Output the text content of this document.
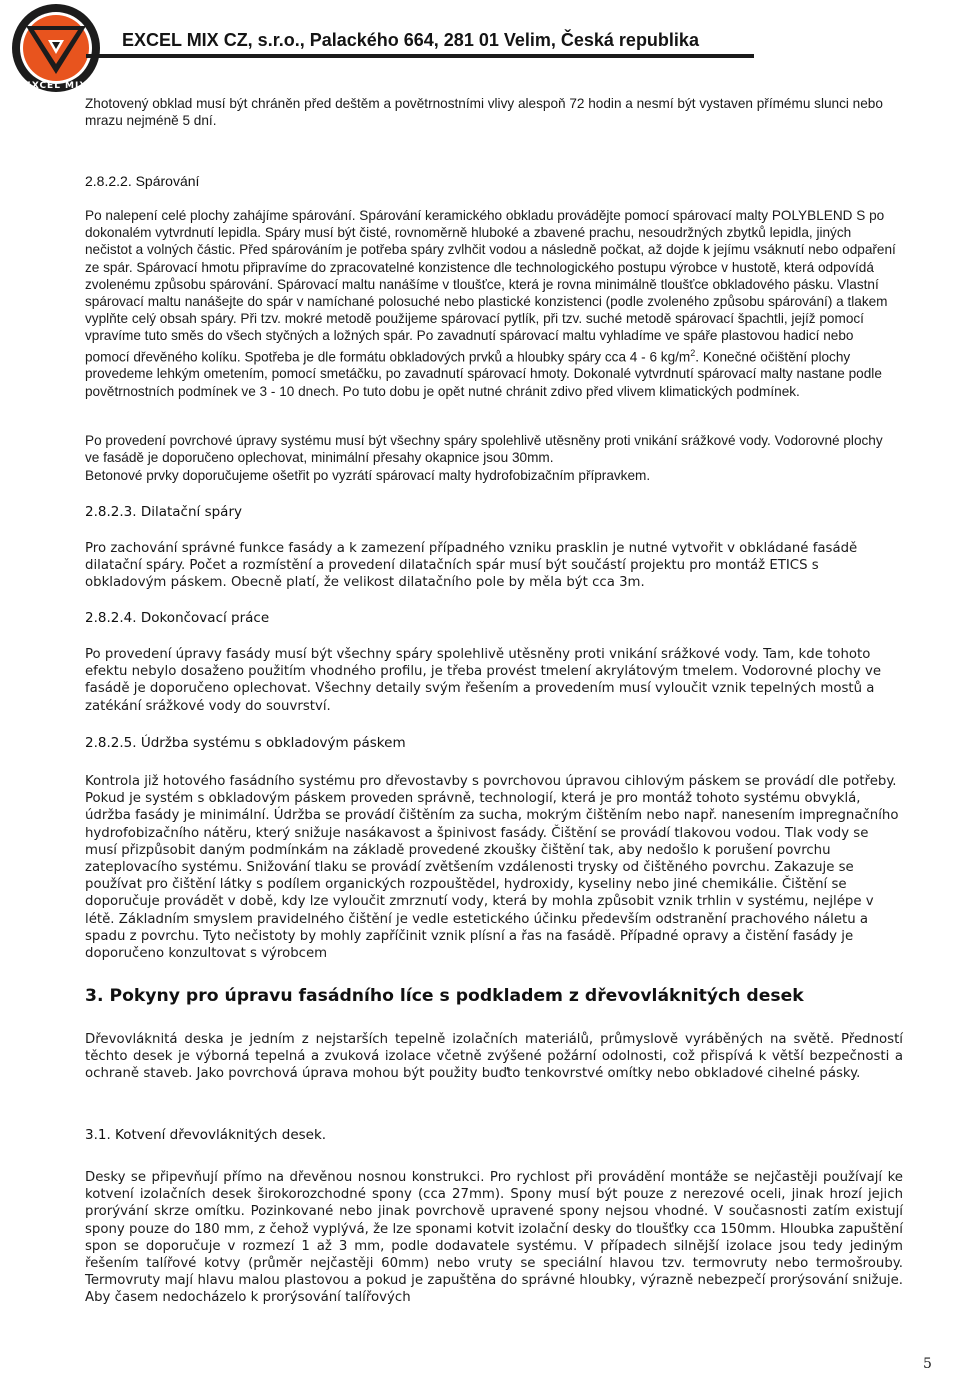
EXCEL MIX
EXCEL MIX CZ, s.r.o., Palackého 664, 281 01 Velim, Česká republika

Zhotovený obklad musí být chráněn před deštěm a povětrnostními vlivy alespoň 72 hodin a nesmí být vystaven přímému slunci nebo mrazu nejméně 5 dní.

2.8.2.2. Spárování

Po nalepení celé plochy zahájíme spárování. Spárování keramického obkladu provádějte pomocí spárovací malty POLYBLEND S po dokonalém vytvrdnutí lepidla. Spáry musí být čisté, rovnoměrně hluboké a zbavené prachu, nesoudržných zbytků lepidla, jiných nečistot a volných částic. Před spárováním je potřeba spáry zvlhčit vodou a následně počkat, až dojde k jejímu vsáknutí nebo odpaření ze spár. Spárovací hmotu připravíme do zpracovatelné konzistence dle technologického postupu výrobce v hustotě, která odpovídá zvolenému způsobu spárování. Spárovací maltu nanášíme v tloušťce, která je rovna minimálně tloušťce obkladového pásku. Vlastní spárovací maltu nanášejte do spár v namíchané polosuché nebo plastické konzistenci (podle zvoleného způsobu spárování) a tlakem vyplňte celý obsah spáry. Při tzv. mokré metodě použijeme spárovací pytlík, při tzv. suché metodě spárovací špachtli, jejíž pomocí vpravíme tuto směs do všech styčných a ložných spár. Po zavadnutí spárovací maltu vyhladíme ve spáře plastovou hadicí nebo pomocí dřevěného kolíku. Spotřeba je dle formátu obkladových prvků a hloubky spáry cca 4 - 6 $kg/m^2$. Konečné očištění plochy provedeme lehkým ometením, pomocí smetáčku, po zavadnutí spárovací hmoty. Dokonalé vytvrdnutí spárovací malty nastane podle povětrnostních podmínek ve 3 - 10 dnech. Po tuto dobu je opět nutné chránit zdivo před vlivem klimatických podmínek.

Po provedení povrchové úpravy systému musí být všechny spáry spolehlivě utěsněny proti vnikání srážkové vody. Vodorovné plochy ve fasádě je doporučeno oplechovat, minimální přesahy okapnice jsou 30mm.

Betonové prvky doporučujeme ošetřit po vyzrátí spárovací malty hydrofobizačním přípravkem.

2.8.2.3. Dilatační spáry

Pro zachování správné funkce fasády a k zamezení případného vzniku prasklin je nutné vytvořit v obkládané fasádě dilatační spáry. Počet a rozmístění a provedení dilatačních spár musí být součástí projektu pro montáž ETICS s obkladovým páskem. Obecně platí, že velikost dilatačního pole by měla být cca 3m.

2.8.2.4. Dokončovací práce

Po provedení úpravy fasády musí být všechny spáry spolehlivě utěsněny proti vnikání srážkové vody. Tam, kde tohoto efektu nebylo dosaženo použitím vhodného profilu, je třeba provést tmelení akrylátovým tmelem. Vodorovné plochy ve fasádě je doporučeno oplechovat. Všechny detaily svým řešením a provedením musí vyloučit vznik tepelných mostů a zatékání srážkové vody do souvrství.

2.8.2.5. Údržba systému s obkladovým páskem

Kontrola již hotového fasádního systému pro dřevostavby s povrchovou úpravou cihlovým páskem se provádí dle potřeby. Pokud je systém s obkladovým páskem proveden správně, technologií, která je pro montáž tohoto systému obvyklá, údržba fasády je minimální. Údržba se provádí čištěním za sucha, mokrým čištěním nebo např. nanesením impregnačního hydrofobizačního nátěru, který snižuje nasákavost a špinivost fasády. Čištění se provádí tlakovou vodou. Tlak vody se musí přizpůsobit daným podmínkám na základě provedené zkoušky čištění tak, aby nedošlo k porušení povrchu zateplovacího systému. Snižování tlaku se provádí zvětšením vzdálenosti trysky od čištěného povrchu. Zakazuje se používat pro čištění látky s podílem organických rozpouštědel, hydroxidy, kyseliny nebo jiné chemikálie. Čištění se doporučuje provádět v době, kdy lze vyloučit zmrznutí vody, která by mohla způsobit vznik trhlin v systému, nejlépe v létě. Základním smyslem pravidelného čištění je vedle estetického účinku především odstranění prachového náletu a spadu z povrchu. Tyto nečistoty by mohly zapříčinit vznik plísní a řas na fasádě. Případné opravy a čistění fasády je doporučeno konzultovat s výrobcem

3. Pokyny pro úpravu fasádního líce s podkladem z dřevovláknitých desek

Dřevovláknitá deska je jedním z nejstarších tepelně izolačních materiálů, průmyslově vyráběných na světě. Předností těchto desek je výborná tepelná a zvuková izolace včetně zvýšené požární odolnosti, což přispívá k větší bezpečnosti a ochraně staveb. Jako povrchová úprava mohou být použity buďto tenkovrstvé omítky nebo obkladové cihelné pásky.

3.1. Kotvení dřevovláknitých desek.

Desky se připevňují přímo na dřevěnou nosnou konstrukci. Pro rychlost při provádění montáže se nejčastěji používají ke kotvení izolačních desek širokorozchodné spony (cca 27mm). Spony musí být pouze z nerezové oceli, jinak hrozí jejich prorývání skrze omítku. Pozinkované nebo jinak povrchově upravené spony nejsou vhodné. V současnosti zatím existují spony pouze do 180 mm, z čehož vyplývá, že lze sponami kotvit izolační desky do tloušťky cca 150mm. Hloubka zapuštění spon se doporučuje v rozmezí 1 až 3 mm, podle dodavatele systému. V případech silnější izolace jsou tedy jediným řešením talířové kotvy (průměr nejčastěji 60mm) nebo vruty se speciální hlavou tzv. termovruty nebo termošrouby. Termovruty mají hlavu malou plastovou a pokud je zapuštěna do správné hloubky, výrazně nebezpečí prorýsování snižuje. Aby časem nedocházelo k prorýsování talířových

5
